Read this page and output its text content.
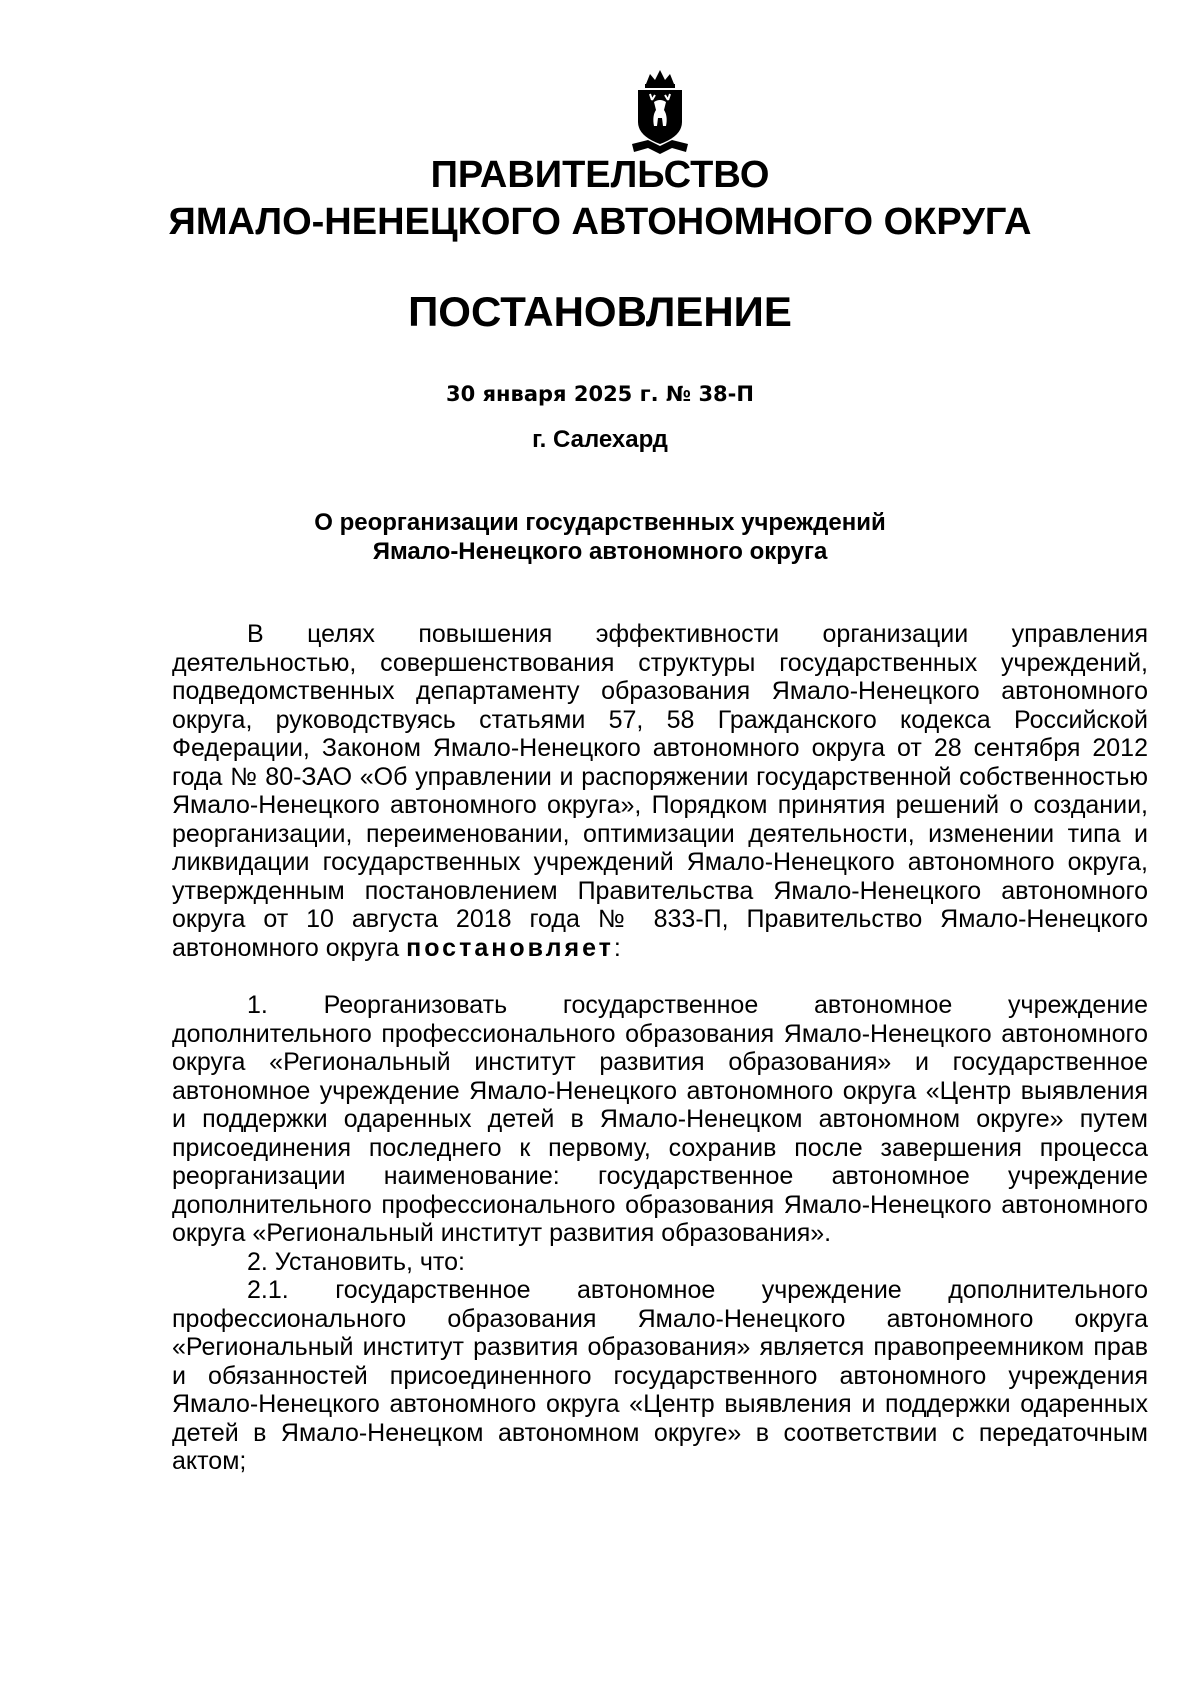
ПРАВИТЕЛЬСТВО
ЯМАЛО-НЕНЕЦКОГО АВТОНОМНОГО ОКРУГА
ПОСТАНОВЛЕНИЕ
30 января 2025 г. № 38-П
г. Салехард
О реорганизации государственных учреждений
Ямало-Ненецкого автономного округа

В целях повышения эффективности организации управления деятельностью, совершенствования структуры государственных учреждений, подведомственных департаменту образования Ямало-Ненецкого автономного округа, руководствуясь статьями 57, 58 Гражданского кодекса Российской Федерации, Законом Ямало-Ненецкого автономного округа от 28 сентября 2012 года № 80-ЗАО «Об управлении и распоряжении государственной собственностью Ямало-Ненецкого автономного округа», Порядком принятия решений о создании, реорганизации, переименовании, оптимизации деятельности, изменении типа и ликвидации государственных учреждений Ямало-Ненецкого автономного округа, утвержденным постановлением Правительства Ямало-Ненецкого автономного округа от 10 августа 2018 года № 833-П, Правительство Ямало-Ненецкого автономного округа постановляет:

1. Реорганизовать государственное автономное учреждение дополнительного профессионального образования Ямало-Ненецкого автономного округа «Региональный институт развития образования» и государственное автономное учреждение Ямало-Ненецкого автономного округа «Центр выявления и поддержки одаренных детей в Ямало-Ненецком автономном округе» путем присоединения последнего к первому, сохранив после завершения процесса реорганизации наименование: государственное автономное учреждение дополнительного профессионального образования Ямало-Ненецкого автономного округа «Региональный институт развития образования».

2. Установить, что:

2.1. государственное автономное учреждение дополнительного профессионального образования Ямало-Ненецкого автономного округа «Региональный институт развития образования» является правопреемником прав и обязанностей присоединенного государственного автономного учреждения Ямало-Ненецкого автономного округа «Центр выявления и поддержки одаренных детей в Ямало-Ненецком автономном округе» в соответствии с передаточным актом;
